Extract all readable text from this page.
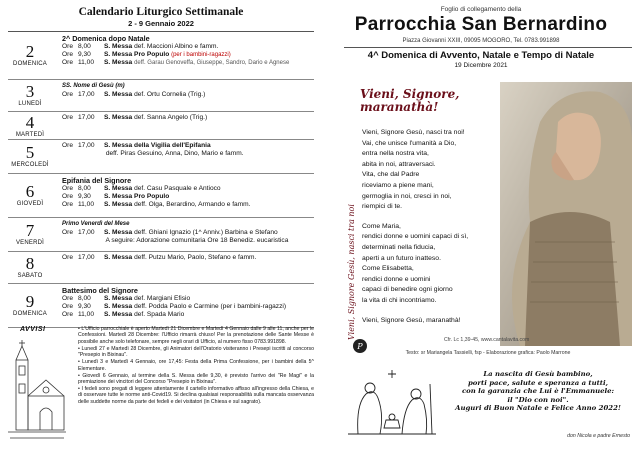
Calendario Liturgico Settimanale
2 - 9 Gennaio 2022
2
DOMENICA
2^ Domenica dopo Natale
Ore 8,00 S. Messa def. Maccioni Albino e famm.
Ore 9,30 S. Messa Pro Populo (per i bambini-ragazzi)
Ore 11,00 S. Messa deff. Garau Genoveffa, Giuseppe, Sandro, Dario e Agnese
3
LUNEDÌ
SS. Nome di Gesù (m)
Ore 17,00 S. Messa def. Ortu Cornelia (Trig.)
4
MARTEDÌ
Ore 17,00 S. Messa def. Sanna Angelo (Trig.)
5
MERCOLEDÌ
Ore 17,00 S. Messa della Vigilia dell'Epifania
deff. Piras Gesuino, Anna, Dino, Mario e famm.
6
GIOVEDÌ
Epifania del Signore
Ore 8,00 S. Messa def. Casu Pasquale e Antioco
Ore 9,30 S. Messa Pro Populo
Ore 11,00 S. Messa deff. Olga, Berardino, Armando e famm.
7
VENERDÌ
Primo Venerdì del Mese
Ore 17,00 S. Messa deff. Ghiani Ignazio (1^ Anniv.) Barbina e Stefano
A seguire: Adorazione comunitaria Ore 18 Benediz. eucaristica
8
SABATO
Ore 17,00 S. Messa deff. Putzu Mario, Paolo, Stefano e famm.
9
DOMENICA
Battesimo del Signore
Ore 8,00 S. Messa def. Margiani Efisio
Ore 9,30 S. Messa deff. Podda Paolo e Carmine (per i bambini-ragazzi)
Ore 11,00 S. Messa def. Spada Mario
AVVISI	• L'Ufficio parrocchiale è aperto Martedì 21 Dicembre e Martedì 4 Gennaio dalle 9 alle 11, anche per le Confessioni. Martedì 28 Dicembre: l'Ufficio rimarrà chiuso! Per la prenotazione delle Sante Messe è possibile anche solo telefonare, sempre negli orari di Ufficio, al numero fisso 0783.991898.

• Lunedì 27 e Martedì 28 Dicembre, gli Animatori dell'Oratorio visiteranno i Presepi iscritti al concorso "Presepio in Bixinau".

• Lunedì 3 e Martedì 4 Gennaio, ore 17,45: Festa della Prima Confessione, per i bambini della 5^ Elementare.

• Giovedì 6 Gennaio, al termine della S. Messa delle 9,30, è previsto l'arrivo dei "Re Magi" e la premiazione dei vincitori del Concorso "Presepio in Bixinau".

• I fedeli sono pregati di leggere attentamente il cartello informativo affisso all'ingresso della Chiesa, e di osservare tutte le norme anti-Covid19. Si declina qualsiasi responsabilità sulla mancata osservanza delle suddette norme da parte dei fedeli e dei visitatori (in Chiesa e sul sagrato).

Foglio di collegamento della
Parrocchia San Bernardino
Piazza Giovanni XXIII, 09095 MOGORO, Tel. 0783.991898
4^ Domenica di Avvento, Natale e Tempo di Natale
19 Dicembre 2021
Vieni, Signore Gesù, nasci tra noi
Vieni, Signore,
maranathà!
Vieni, Signore Gesù, nasci tra noi!
Vai, che unisce l'umanità a Dio,
entra nella nostra vita,
abita in noi, attraversaci.
Vita, che dal Padre
riceviamo a piene mani,
germoglia in noi, cresci in noi,
riempici di te.
Come Maria,
rendici donne e uomini capaci di sì,
determinati nella fiducia,
aperti a un futuro inatteso.
Come Elisabetta,
rendici donne e uomini
capaci di benedire ogni giorno
la vita di chi incontriamo.
Vieni, Signore Gesù, maranathà!
Cfr. Lc 1,39-45, www.cantalavita.com
P
Testo: sr Mariangela Tassielli, fsp - Elaborazione grafica: Paolo Marrone
La nascita di Gesù bambino,
porti pace, salute e speranza a tutti,
con la garanzia che Lui è l'Emmanuele:
il "Dio con noi".
Auguri di Buon Natale e Felice Anno 2022!
don Nicola e padre Ernesto
